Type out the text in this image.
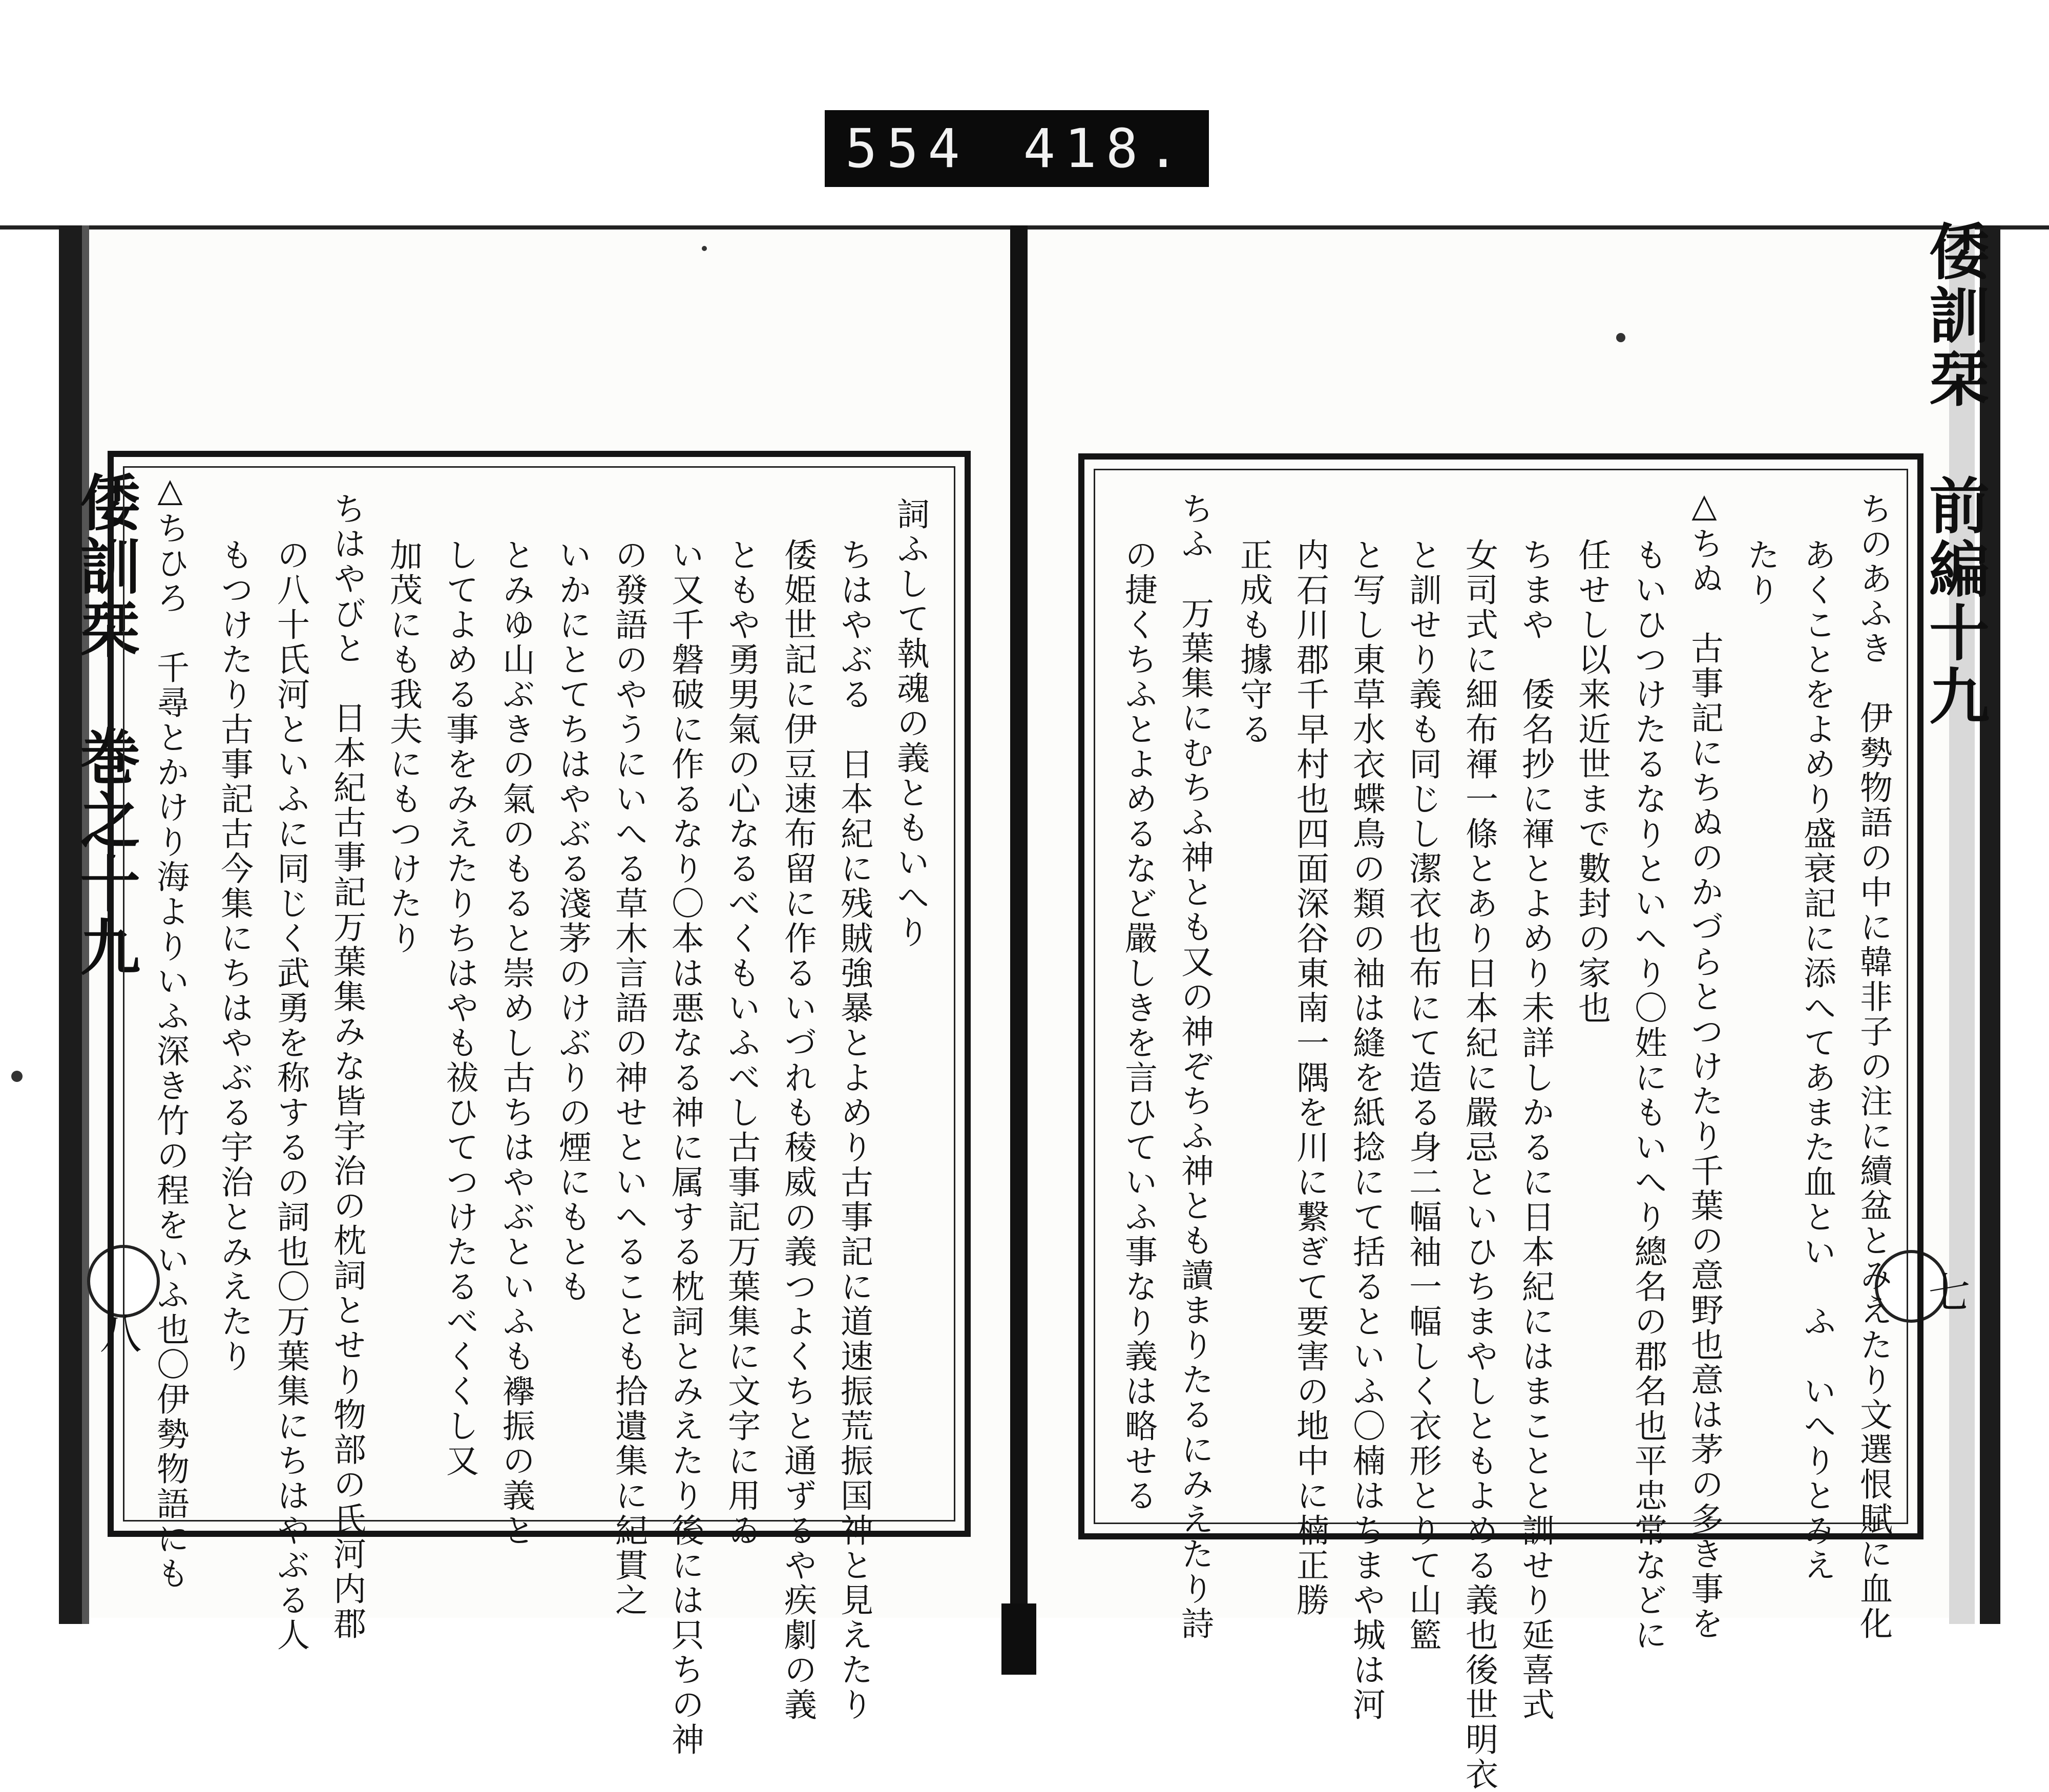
554 418.
倭訓栞　巻之十九	倭訓栞　前編十九
八
七
詞ふして執魂の義ともいへり
ちはやぶる　日本紀に残賊強暴とよめり古事記に道速振荒振国神と見えたり
倭姫世記に伊豆速布留に作るいづれも稜威の義つよくちと通ずるや疾劇の義
ともや勇男氣の心なるべくもいふべし古事記万葉集に文字に用ゐ
い又千磐破に作るなり〇本は悪なる神に属する枕詞とみえたり後には只ちの神
の發語のやうにいへる草木言語の神せといへることも拾遺集に紀貫之
いかにとてちはやぶる淺茅のけぶりの煙にもとも
とみゆ山ぶきの氣のもると崇めし古ちはやぶといふも襷振の義と
してよめる事をみえたりちはやも祓ひてつけたるべくくし又
加茂にも我夫にもつけたり
ちはやびと　日本紀古事記万葉集みな皆宇治の枕詞とせり物部の氏河内郡
の八十氏河といふに同じく武勇を称するの詞也〇万葉集にちはやぶる人
もつけたり古事記古今集にちはやぶる宇治とみえたり
△ちひろ　千尋とかけり海よりいふ深き竹の程をいふ也〇伊勢物語にも	ちのあふき　伊勢物語の中に韓非子の注に續盆とみえたり文選恨賦に血化
あくことをよめり盛衰記に添へてあまた血とい　ふ　いへりとみえ
たり
△ちぬ　古事記にちぬのかづらとつけたり千葉の意野也意は茅の多き事を
もいひつけたるなりといへり〇姓にもいへり總名の郡名也平忠常などに
任せし以来近世まで數封の家也
ちまや　倭名抄に褌とよめり未詳しかるに日本紀にはまことと訓せり延喜式
女司式に細布褌一條とあり日本紀に嚴忌といひちまやしともよめる義也後世明衣
と訓せり義も同じし潔衣也布にて造る身二幅袖一幅しく衣形とりて山籃
と写し東草水衣蝶鳥の類の袖は縫を紙捻にて括るといふ〇楠はちまや城は河
内石川郡千早村也四面深谷東南一隅を川に繋ぎて要害の地中に楠正勝
正成も據守る
ちふ　万葉集にむちふ神とも又の神ぞちふ神とも讀まりたるにみえたり詩
の捷くちふとよめるなど嚴しきを言ひていふ事なり義は略せる
